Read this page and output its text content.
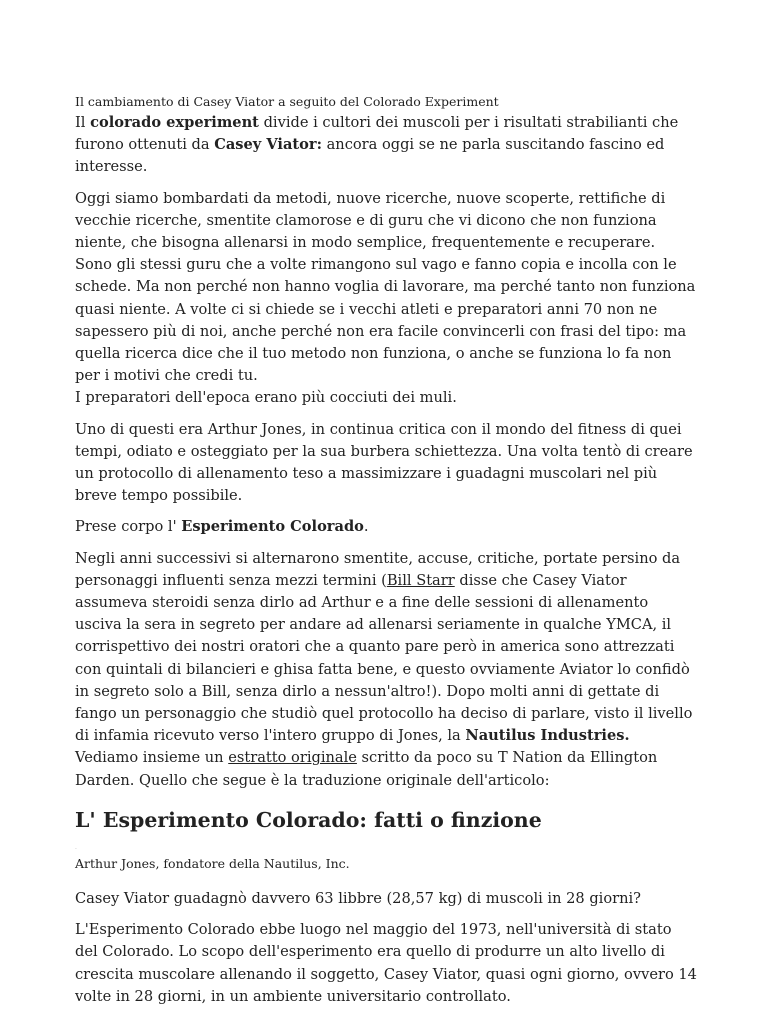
Il cambiamento di Casey Viator a seguito del Colorado Experiment

Il colorado experiment divide i cultori dei muscoli per i risultati strabilianti che furono ottenuti da Casey Viator: ancora oggi se ne parla suscitando fascino ed interesse.

Oggi siamo bombardati da metodi, nuove ricerche, nuove scoperte, rettifiche di vecchie ricerche, smentite clamorose e di guru che vi dicono che non funziona niente, che bisogna allenarsi in modo semplice, frequentemente e recuperare.
Sono gli stessi guru che a volte rimangono sul vago e fanno copia e incolla con le schede. Ma non perché non hanno voglia di lavorare, ma perché tanto non funziona quasi niente. A volte ci si chiede se i vecchi atleti e preparatori anni 70 non ne sapessero più di noi, anche perché non era facile convincerli con frasi del tipo: ma quella ricerca dice che il tuo metodo non funziona, o anche se funziona lo fa non per i motivi che credi tu.
I preparatori dell'epoca erano più cocciuti dei muli.

Uno di questi era Arthur Jones, in continua critica con il mondo del fitness di quei tempi, odiato e osteggiato per la sua burbera schiettezza. Una volta tentò di creare un protocollo di allenamento teso a massimizzare i guadagni muscolari nel più breve tempo possibile.

Prese corpo l' Esperimento Colorado.

Negli anni successivi si alternarono smentite, accuse, critiche, portate persino da personaggi influenti senza mezzi termini (Bill Starr disse che Casey Viator assumeva steroidi senza dirlo ad Arthur e a fine delle sessioni di allenamento usciva la sera in segreto per andare ad allenarsi seriamente in qualche YMCA, il corrispettivo dei nostri oratori che a quanto pare però in america sono attrezzati con quintali di bilancieri e ghisa fatta bene, e questo ovviamente Aviator lo confidò in segreto solo a Bill, senza dirlo a nessun'altro!). Dopo molti anni di gettate di fango un personaggio che studiò quel protocollo ha deciso di parlare, visto il livello di infamia ricevuto verso l'intero gruppo di Jones, la Nautilus Industries. Vediamo insieme un estratto originale scritto da poco su T Nation da Ellington Darden. Quello che segue è la traduzione originale dell'articolo:

L' Esperimento Colorado: fatti o finzione
·

Arthur Jones, fondatore della Nautilus, Inc.

Casey Viator guadagnò davvero 63 libbre (28,57 kg) di muscoli in 28 giorni?

L'Esperimento Colorado ebbe luogo nel maggio del 1973, nell'università di stato del Colorado. Lo scopo dell'esperimento era quello di produrre un alto livello di crescita muscolare allenando il soggetto, Casey Viator, quasi ogni giorno, ovvero 14 volte in 28 giorni, in un ambiente universitario controllato.
